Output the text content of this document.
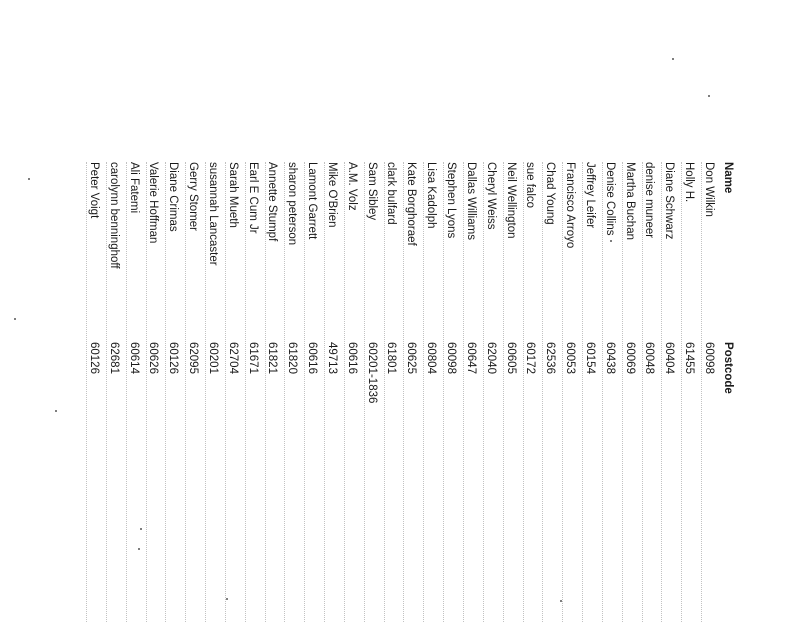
Name
Postcode
Don Wilkin
60098
Holly H.
61455
Diane Schwarz
60404
denise muneer
60048
Martha Buchan
60069
Denise Collins
60438
Jeffrey Leifer
60154
Francisco Arroyo
60053
Chad Young
62536
sue falco
60172
Neil Wellington
60605
Cheryl Weiss
62040
Dallas Williams
60647
Stephen Lyons
60098
Lisa Kadolph
60804
Kate Borghoraef
60625
clark bulfard
61801
Sam Sibley
60201-1836
A.M. Volz
60616
Mike O'Brien
49713
Lamont Garrett
60616
sharon peterson
61820
Annette Stumpf
61821
Earl E Cum Jr
61671
Sarah Mueth
62704
susannah Lancaster
60201
Gerry Stomer
62095
Diane Crimas
60126
Valerie Hoffman
60626
Ali Fatemi
60614
carolynn benninghoff
62681
Peter Voigt
60126
